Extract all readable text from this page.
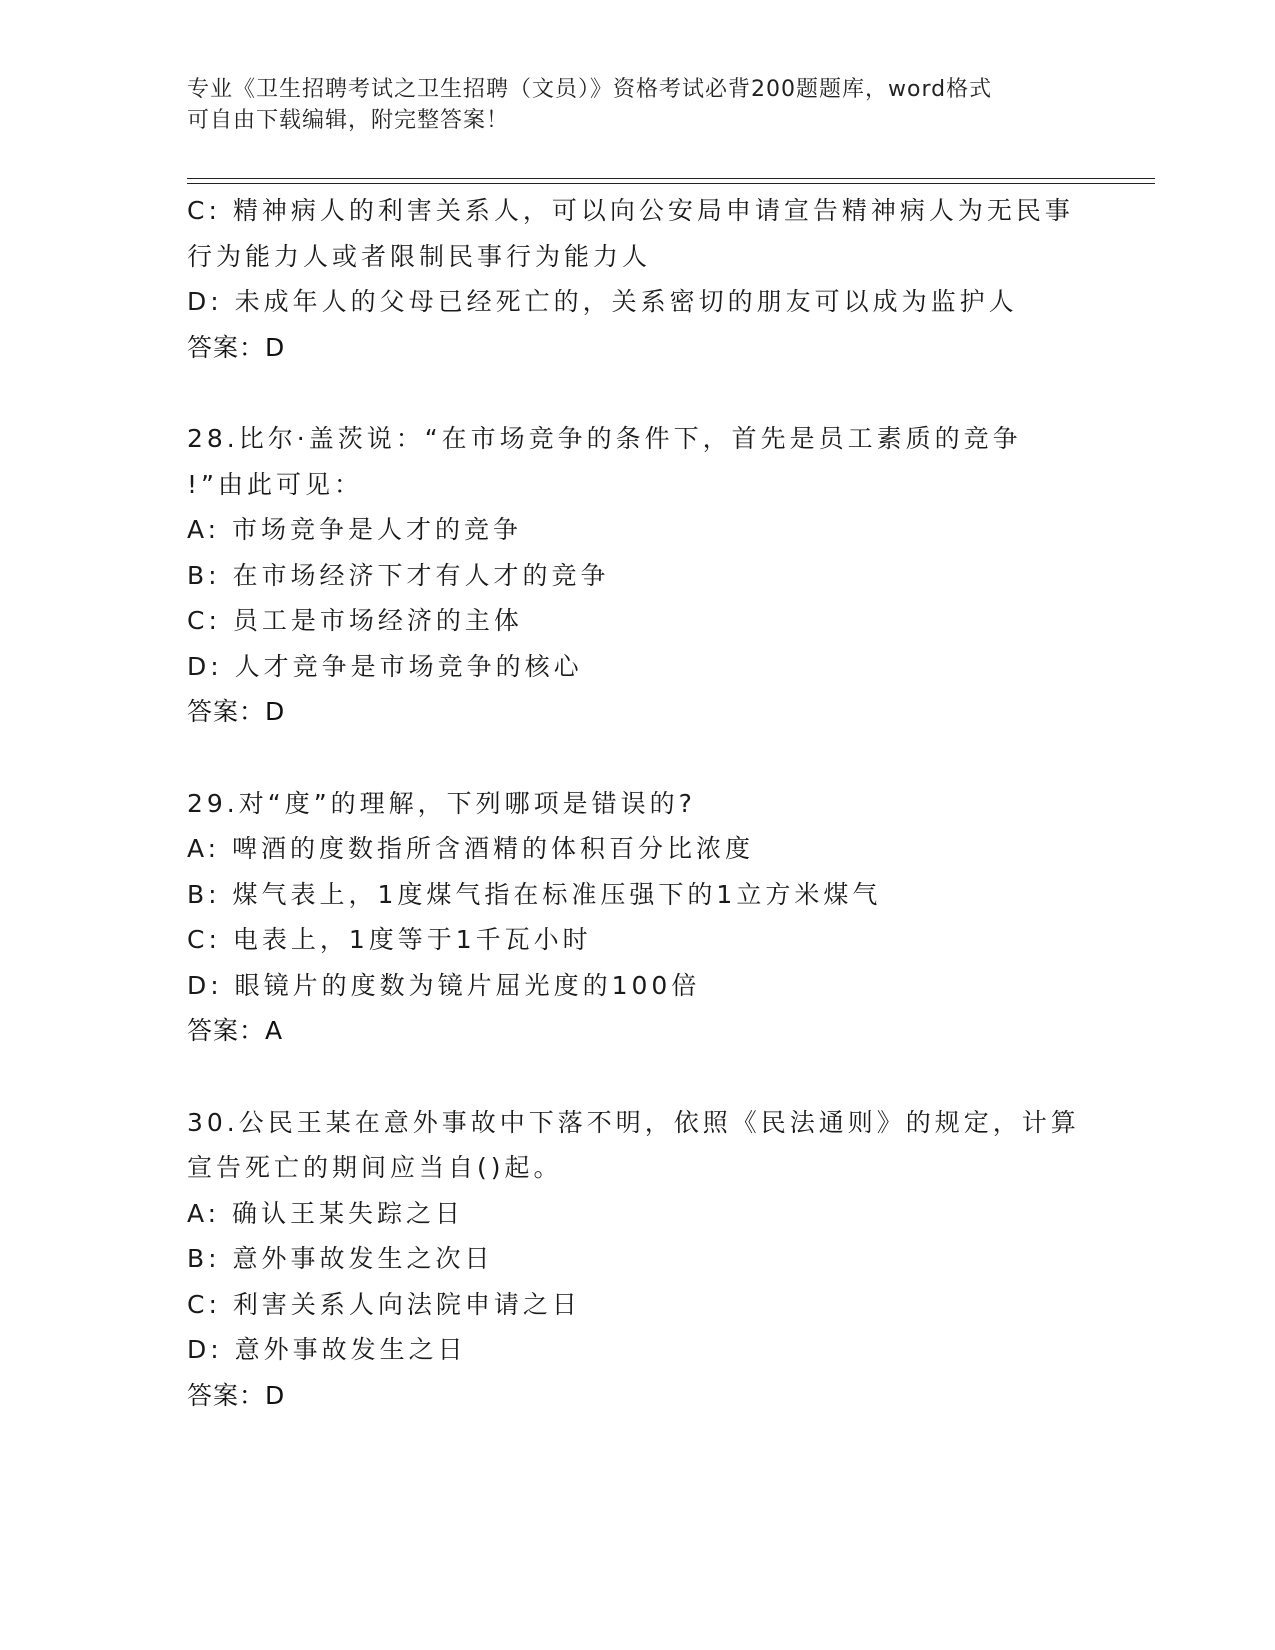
专业《卫生招聘考试之卫生招聘（文员）》资格考试必背200题题库，word格式
可自由下载编辑，附完整答案！
C: 精神病人的利害关系人，可以向公安局申请宣告精神病人为无民事
行为能力人或者限制民事行为能力人
D: 未成年人的父母已经死亡的，关系密切的朋友可以成为监护人
答案：D
28.比尔·盖茨说：“在市场竞争的条件下，首先是员工素质的竞争
!”由此可见：
A: 市场竞争是人才的竞争
B: 在市场经济下才有人才的竞争
C: 员工是市场经济的主体
D: 人才竞争是市场竞争的核心
答案：D
29.对“度”的理解，下列哪项是错误的?
A: 啤酒的度数指所含酒精的体积百分比浓度
B: 煤气表上，1度煤气指在标准压强下的1立方米煤气
C: 电表上，1度等于1千瓦小时
D: 眼镜片的度数为镜片屈光度的100倍
答案：A
30.公民王某在意外事故中下落不明，依照《民法通则》的规定，计算
宣告死亡的期间应当自()起。
A: 确认王某失踪之日
B: 意外事故发生之次日
C: 利害关系人向法院申请之日
D: 意外事故发生之日
答案：D
